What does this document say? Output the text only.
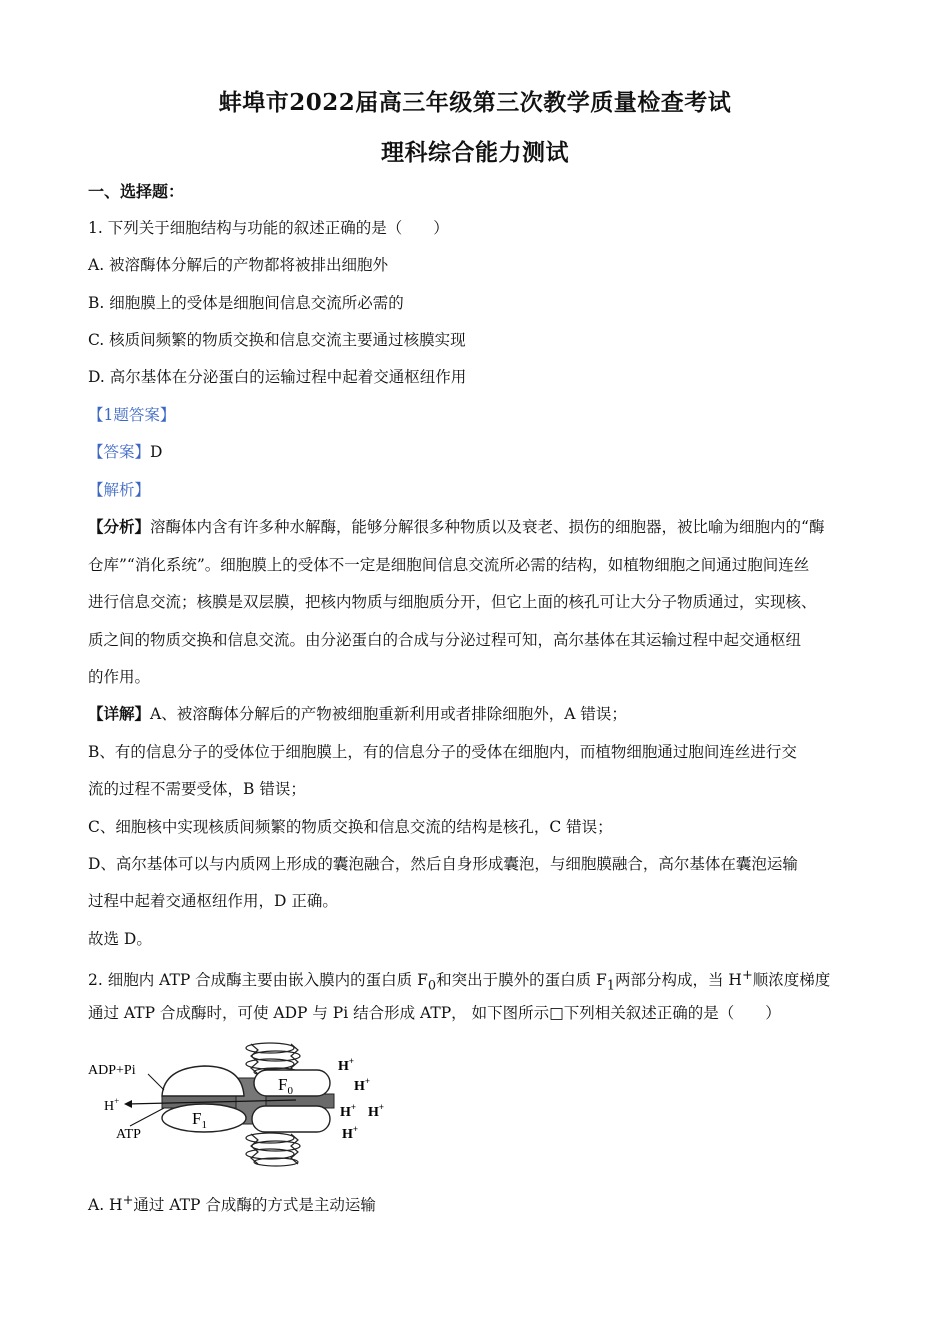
蚌埠市2022届高三年级第三次教学质量检查考试
理科综合能力测试
一、选择题：
1. 下列关于细胞结构与功能的叙述正确的是（　　）
A. 被溶酶体分解后的产物都将被排出细胞外
B. 细胞膜上的受体是细胞间信息交流所必需的
C. 核质间频繁的物质交换和信息交流主要通过核膜实现
D. 高尔基体在分泌蛋白的运输过程中起着交通枢纽作用
【1题答案】
【答案】D
【解析】
【分析】溶酶体内含有许多种水解酶，能够分解很多种物质以及衰老、损伤的细胞器，被比喻为细胞内的“酶
仓库”“消化系统”。细胞膜上的受体不一定是细胞间信息交流所必需的结构，如植物细胞之间通过胞间连丝
进行信息交流；核膜是双层膜，把核内物质与细胞质分开，但它上面的核孔可让大分子物质通过，实现核、
质之间的物质交换和信息交流。由分泌蛋白的合成与分泌过程可知，高尔基体在其运输过程中起交通枢纽
的作用。
【详解】A、被溶酶体分解后的产物被细胞重新利用或者排除细胞外，A 错误；
B、有的信息分子的受体位于细胞膜上，有的信息分子的受体在细胞内，而植物细胞通过胞间连丝进行交
流的过程不需要受体，B 错误；
C、细胞核中实现核质间频繁的物质交换和信息交流的结构是核孔，C 错误；
D、高尔基体可以与内质网上形成的囊泡融合，然后自身形成囊泡，与细胞膜融合，高尔基体在囊泡运输
过程中起着交通枢纽作用，D 正确。
故选 D。
2. 细胞内 ATP 合成酶主要由嵌入膜内的蛋白质 $F_0$和突出于膜外的蛋白质 $F_1$两部分构成，当 H+顺浓度梯度
通过 ATP 合成酶时，可使 ADP 与 Pi 结合形成 ATP， 如下图所示□下列相关叙述正确的是（　　）
ADP+Pi
H+
ATP
$F_0$
$F_1$
H+
H+
H+ H+
H+
A. H+通过 ATP 合成酶的方式是主动运输
